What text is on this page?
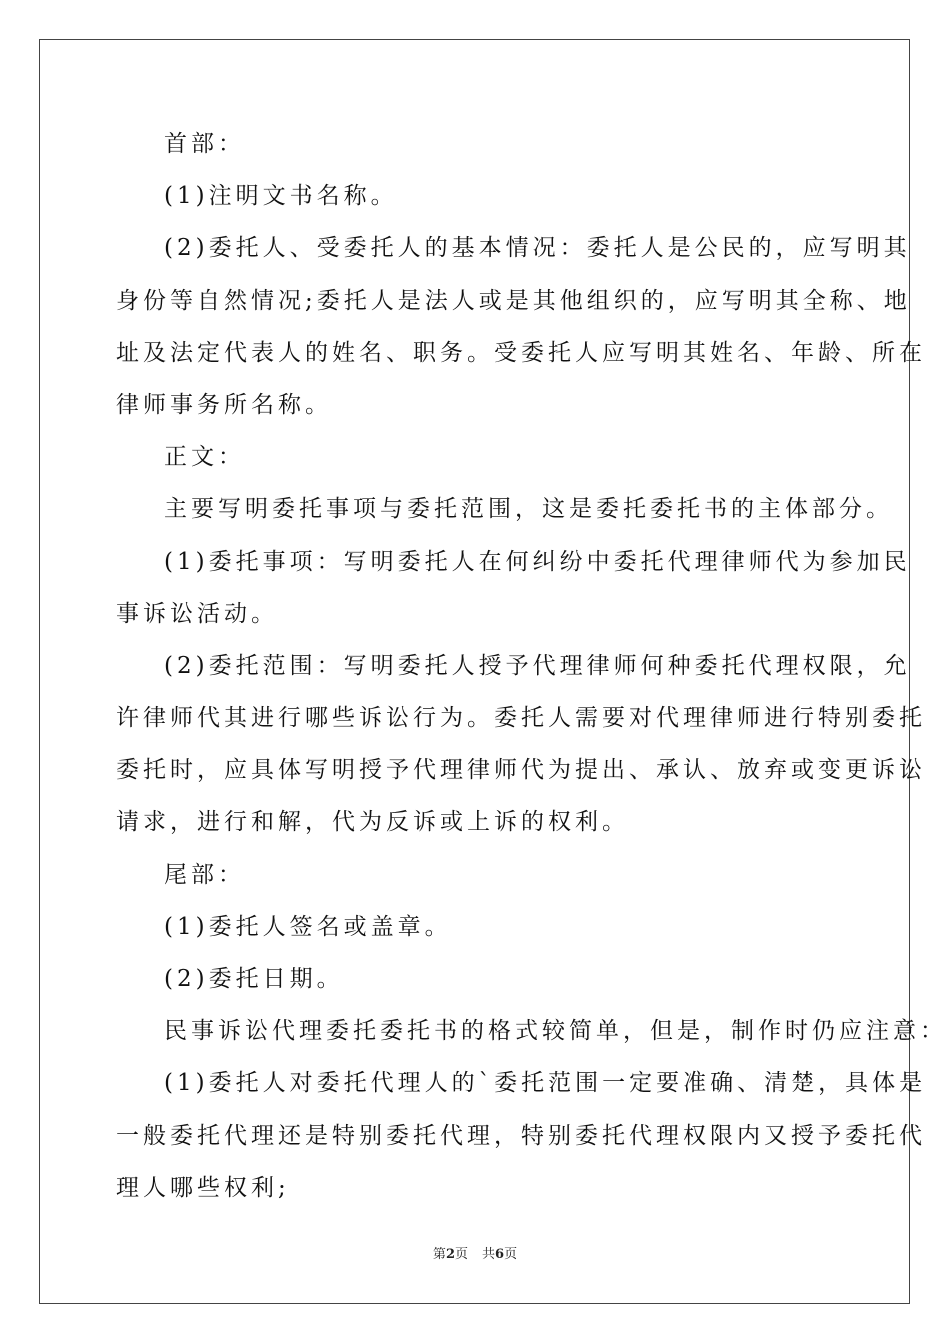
首部：
(1)注明文书名称。
(2)委托人、受委托人的基本情况：委托人是公民的，应写明其
身份等自然情况;委托人是法人或是其他组织的，应写明其全称、地
址及法定代表人的姓名、职务。受委托人应写明其姓名、年龄、所在
律师事务所名称。
正文：
主要写明委托事项与委托范围，这是委托委托书的主体部分。
(1)委托事项：写明委托人在何纠纷中委托代理律师代为参加民
事诉讼活动。
(2)委托范围：写明委托人授予代理律师何种委托代理权限，允
许律师代其进行哪些诉讼行为。委托人需要对代理律师进行特别委托
委托时，应具体写明授予代理律师代为提出、承认、放弃或变更诉讼
请求，进行和解，代为反诉或上诉的权利。
尾部：
(1)委托人签名或盖章。
(2)委托日期。
民事诉讼代理委托委托书的格式较简单，但是，制作时仍应注意：
(1)委托人对委托代理人的`委托范围一定要准确、清楚，具体是
一般委托代理还是特别委托代理，特别委托代理权限内又授予委托代
理人哪些权利;
第2页 共6页
